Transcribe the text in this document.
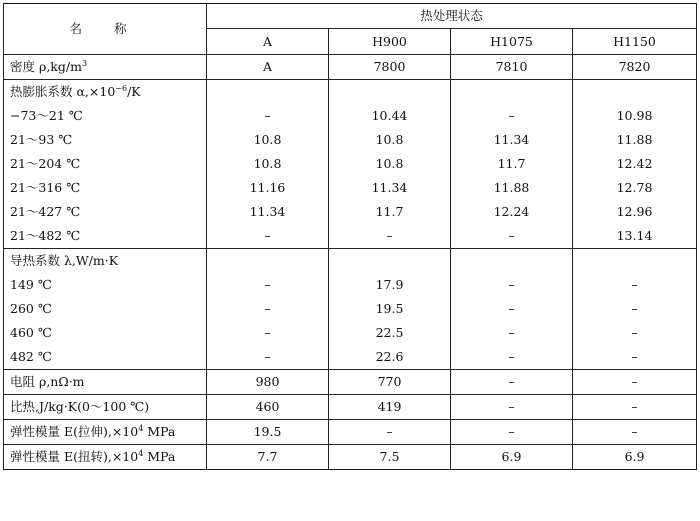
名 称	热处理状态			
	A	H900	H1075	H1150
密度 $\rho,kg/m^3$	A	7800	7810	7820
热膨胀系数 $\alpha,\times 10^{-6}/K$				
−73～21 ℃	–	10.44	–	10.98
21～93 ℃	10.8	10.8	11.34	11.88
21～204 ℃	10.8	10.8	11.7	12.42
21～316 ℃	11.16	11.34	11.88	12.78
21～427 ℃	11.34	11.7	12.24	12.96
21～482 ℃	–	–	–	13.14
导热系数 λ,W/m·K				
149 ℃	–	17.9	–	–
260 ℃	–	19.5	–	–
460 ℃	–	22.5	–	–
482 ℃	–	22.6	–	–
电阻 ρ,nΩ·m	980	770	–	–
比热,J/kg·K(0～100 ℃)	460	419	–	–
弹性模量 E(拉伸)$,\times 10^4$ MPa	19.5	–	–	–
弹性模量 E(扭转)$,\times 10^4$ MPa	7.7	7.5	6.9	6.9
